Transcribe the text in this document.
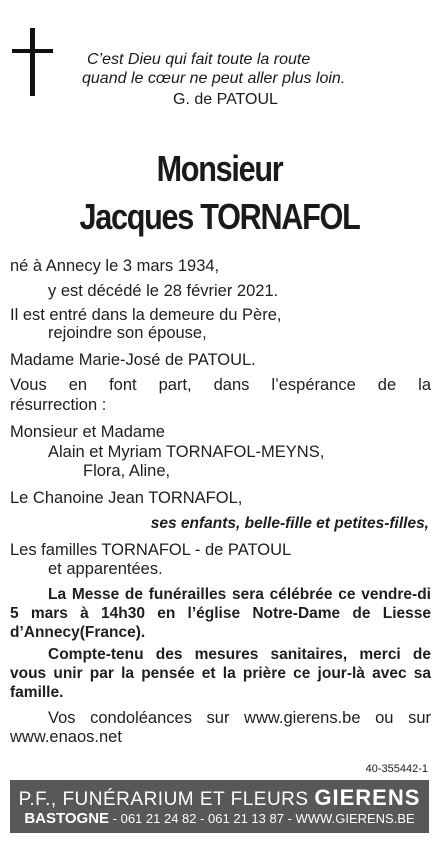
C’est Dieu qui fait toute la route
quand le cœur ne peut aller plus loin.
G. de PATOUL
Monsieur
Jacques TORNAFOL
né à Annecy le 3 mars 1934,
y est décédé le 28 février 2021.
Il est entré dans la demeure du Père,
rejoindre son épouse,
Madame Marie-José de PATOUL.
Vous en font part, dans l’espérance de la
résurrection :
Monsieur et Madame
Alain et Myriam TORNAFOL-MEYNS,
Flora, Aline,
Le Chanoine Jean TORNAFOL,
ses enfants, belle-fille et petites-filles,
Les familles TORNAFOL - de PATOUL
et apparentées.
La Messe de funérailles sera célébrée ce vendre-di 5 mars à 14h30 en l’église Notre-Dame de Liesse d’Annecy(France).
Compte-tenu des mesures sanitaires, merci de vous unir par la pensée et la prière ce jour-là avec sa famille.
Vos condoléances sur www.gierens.be ou sur www.enaos.net
40-355442-1
P.F., FUNÉRARIUM ET FLEURS GIERENS
BASTOGNE - 061 21 24 82 - 061 21 13 87 - WWW.GIERENS.BE
